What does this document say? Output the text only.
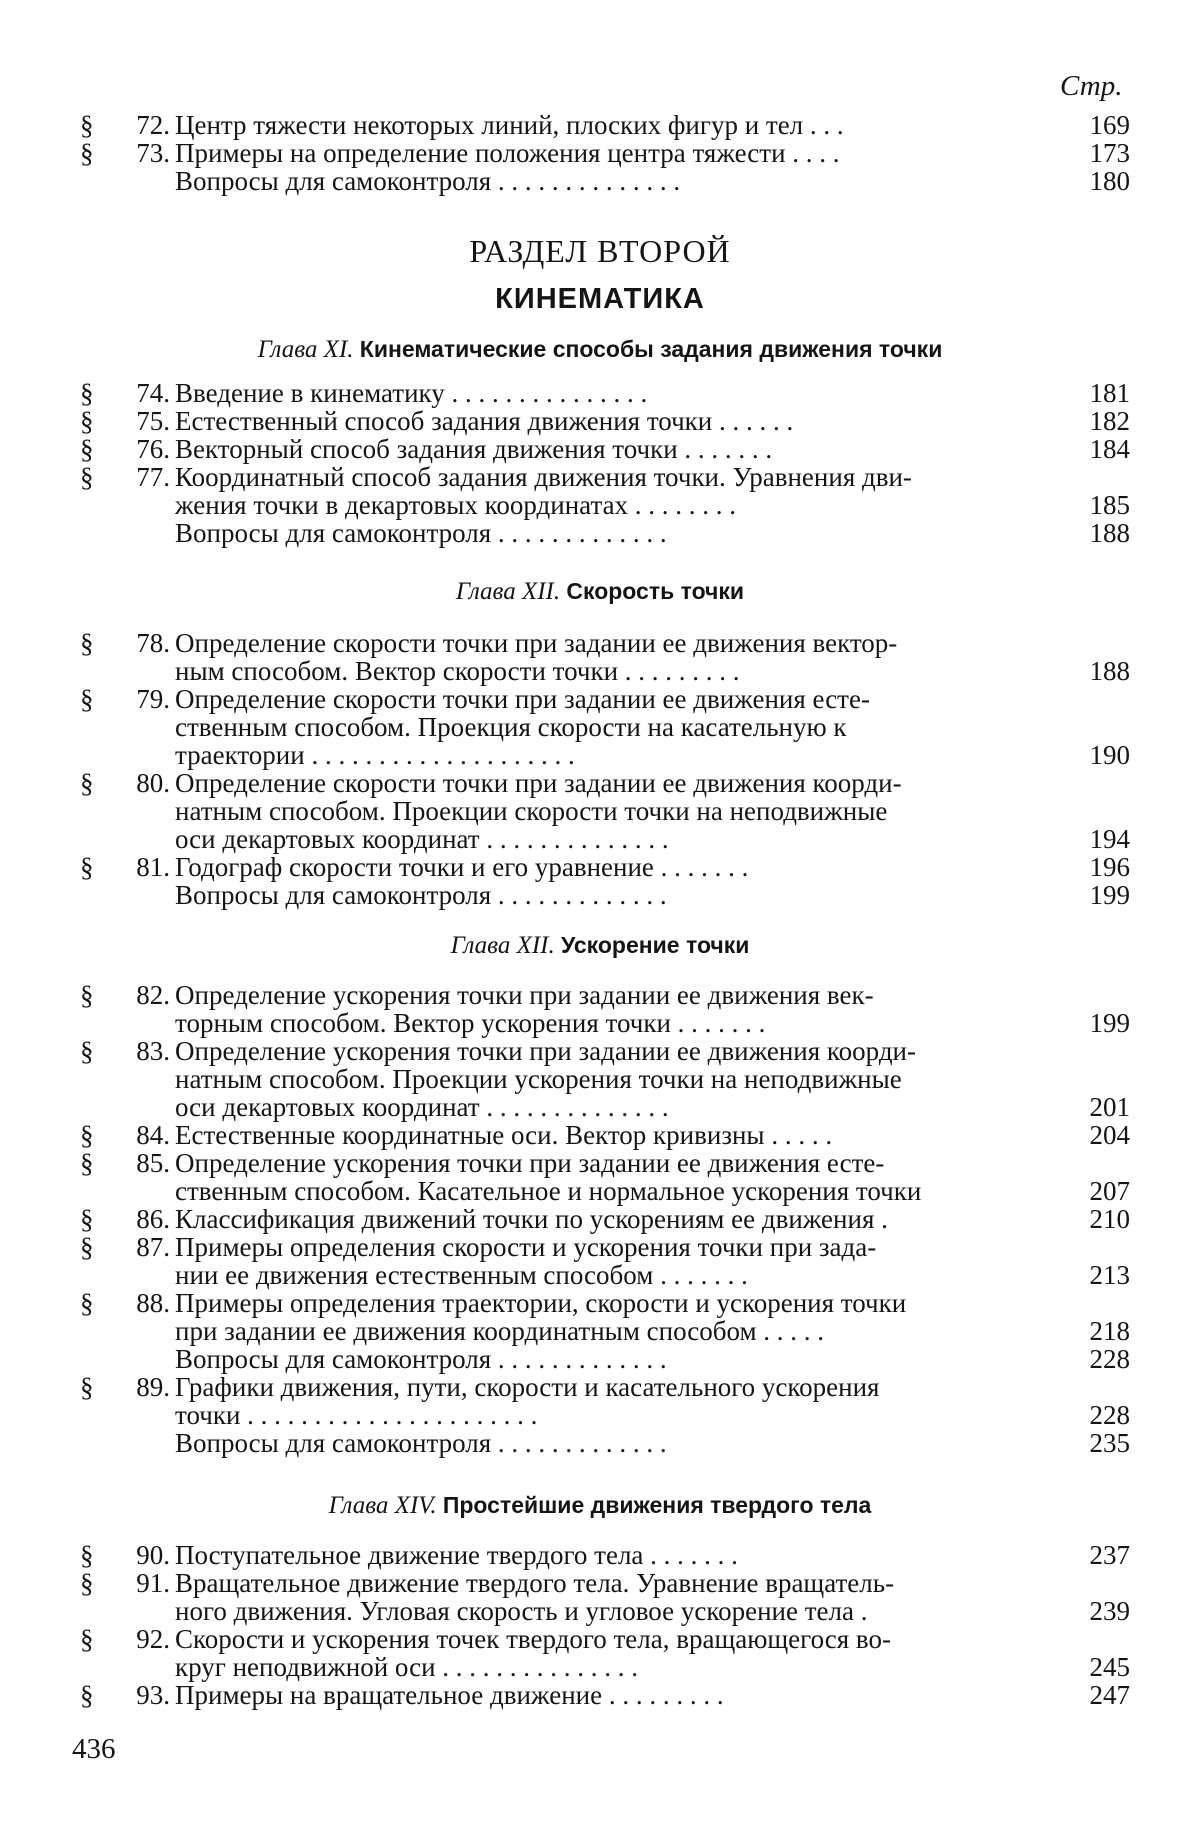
Стр.
§	72. Центр тяжести некоторых линий, плоских фигур и тел . . .	169
§	73. Примеры на определение положения центра тяжести . . . .	173
Вопросы для самоконтроля . . . . . . . . . . . . . .	180
РАЗДЕЛ ВТОРОЙ
КИНЕМАТИКА
Глава XI. Кинематические способы задания движения точки
§	74. Введение в кинематику . . . . . . . . . . . . . . .	181
§	75. Естественный способ задания движения точки . . . . . .	182
§	76. Векторный способ задания движения точки . . . . . . .	184
§	77. Координатный способ задания движения точки. Уравнения дви-
жения точки в декартовых координатах . . . . . . . .	185
Вопросы для самоконтроля . . . . . . . . . . . . .	188
Глава XII. Скорость точки
§	78. Определение скорости точки при задании ее движения вектор-
ным способом. Вектор скорости точки . . . . . . . . .	188
§	79. Определение скорости точки при задании ее движения есте-
ственным способом. Проекция скорости на касательную к
траектории . . . . . . . . . . . . . . . . . . . .	190
§	80. Определение скорости точки при задании ее движения коорди-
натным способом. Проекции скорости точки на неподвижные
оси декартовых координат . . . . . . . . . . . . . .	194
§	81. Годограф скорости точки и его уравнение . . . . . . .	196
Вопросы для самоконтроля . . . . . . . . . . . . .	199
Глава XII. Ускорение точки
§	82. Определение ускорения точки при задании ее движения век-
торным способом. Вектор ускорения точки . . . . . . .	199
§	83. Определение ускорения точки при задании ее движения коорди-
натным способом. Проекции ускорения точки на неподвижные
оси декартовых координат . . . . . . . . . . . . . .	201
§	84. Естественные координатные оси. Вектор кривизны . . . . .	204
§	85. Определение ускорения точки при задании ее движения есте-
ственным способом. Касательное и нормальное ускорения точки	207
§	86. Классификация движений точки по ускорениям ее движения .	210
§	87. Примеры определения скорости и ускорения точки при зада-
нии ее движения естественным способом . . . . . . .	213
§	88. Примеры определения траектории, скорости и ускорения точки
при задании ее движения координатным способом . . . . .	218
Вопросы для самоконтроля . . . . . . . . . . . . .	228
§	89. Графики движения, пути, скорости и касательного ускорения
точки . . . . . . . . . . . . . . . . . . . . . .	228
Вопросы для самоконтроля . . . . . . . . . . . . .	235
Глава XIV. Простейшие движения твердого тела
§	90. Поступательное движение твердого тела . . . . . . .	237
§	91. Вращательное движение твердого тела. Уравнение вращатель-
ного движения. Угловая скорость и угловое ускорение тела .	239
§	92. Скорости и ускорения точек твердого тела, вращающегося во-
круг неподвижной оси . . . . . . . . . . . . . . .	245
§	93. Примеры на вращательное движение . . . . . . . . .	247
436
